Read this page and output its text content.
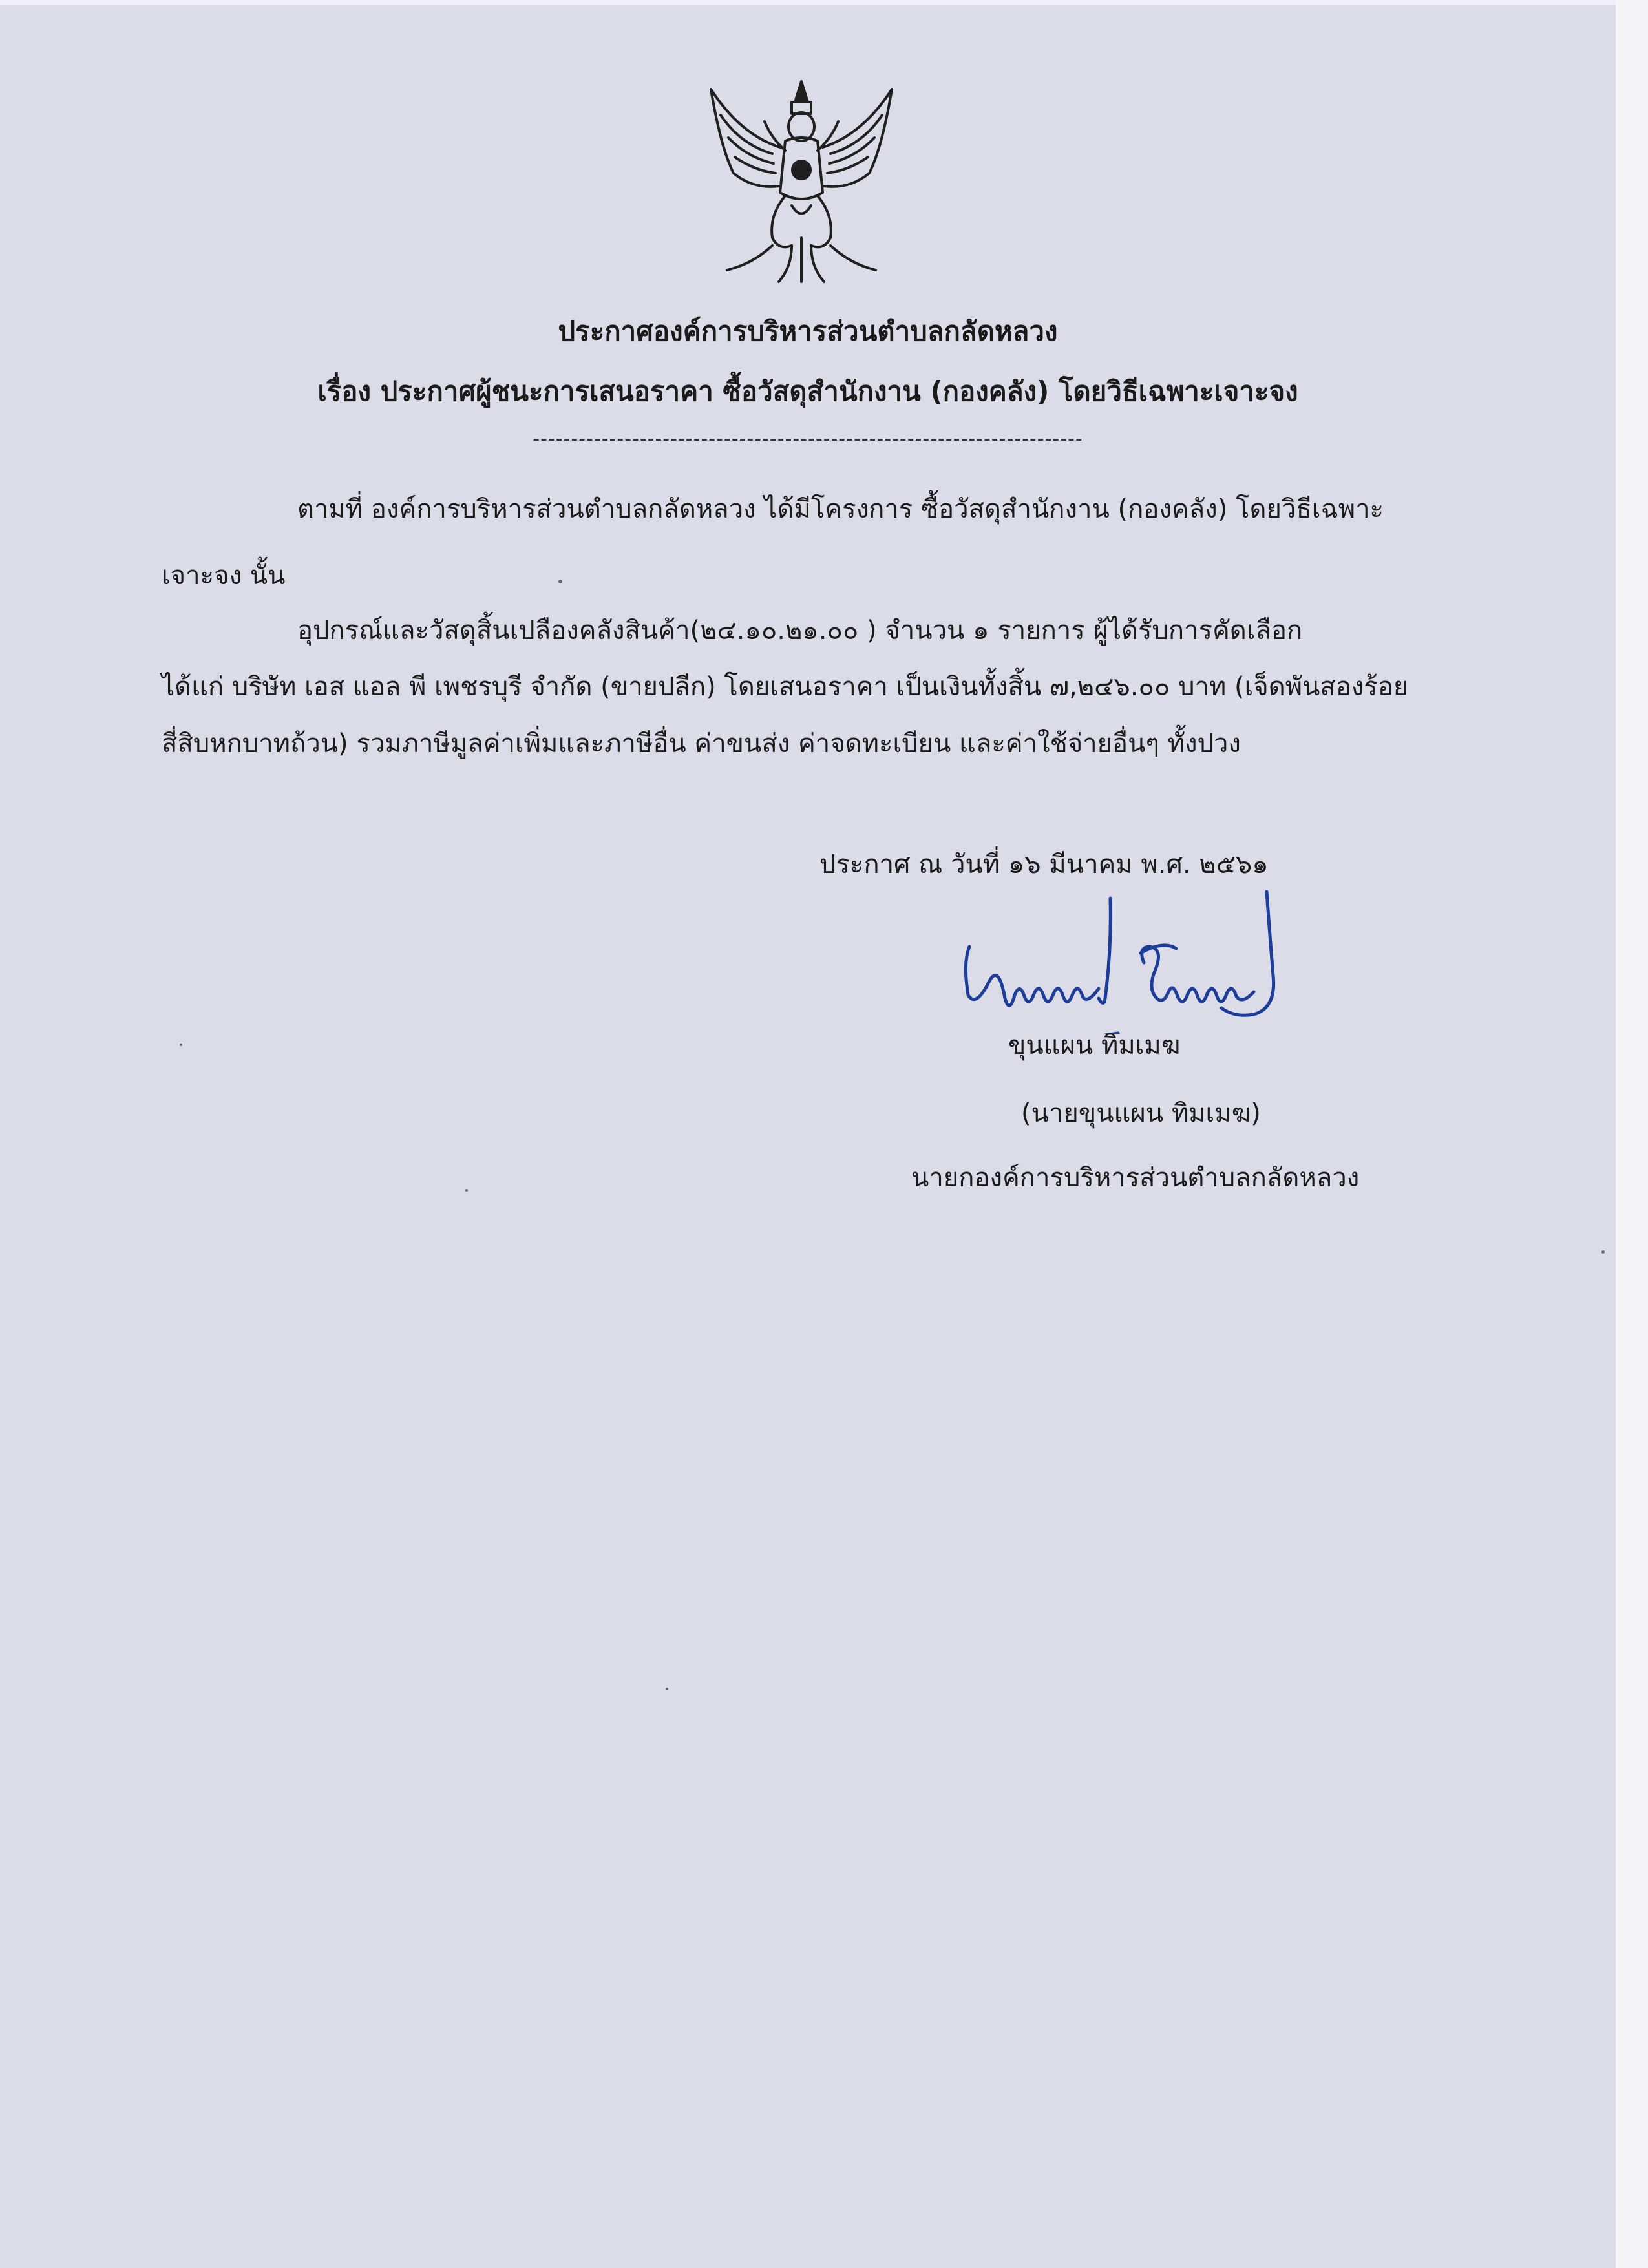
ประกาศองค์การบริหารส่วนตำบลกลัดหลวง
เรื่อง ประกาศผู้ชนะการเสนอราคา ซื้อวัสดุสำนักงาน (กองคลัง) โดยวิธีเฉพาะเจาะจง
------------------------------------------------------------------------
ตามที่ องค์การบริหารส่วนตำบลกลัดหลวง ได้มีโครงการ ซื้อวัสดุสำนักงาน (กองคลัง) โดยวิธีเฉพาะ
เจาะจง นั้น
อุปกรณ์และวัสดุสิ้นเปลืองคลังสินค้า(๒๔.๑๐.๒๑.๐๐ ) จำนวน ๑ รายการ ผู้ได้รับการคัดเลือก
ได้แก่ บริษัท เอส แอล พี เพชรบุรี จำกัด (ขายปลีก) โดยเสนอราคา เป็นเงินทั้งสิ้น ๗,๒๔๖.๐๐ บาท (เจ็ดพันสองร้อย
สี่สิบหกบาทถ้วน) รวมภาษีมูลค่าเพิ่มและภาษีอื่น ค่าขนส่ง ค่าจดทะเบียน และค่าใช้จ่ายอื่นๆ ทั้งปวง
ประกาศ ณ วันที่ ๑๖ มีนาคม พ.ศ. ๒๕๖๑
ขุนแผน ทิมเมฆ
(นายขุนแผน ทิมเมฆ)
นายกองค์การบริหารส่วนตำบลกลัดหลวง
